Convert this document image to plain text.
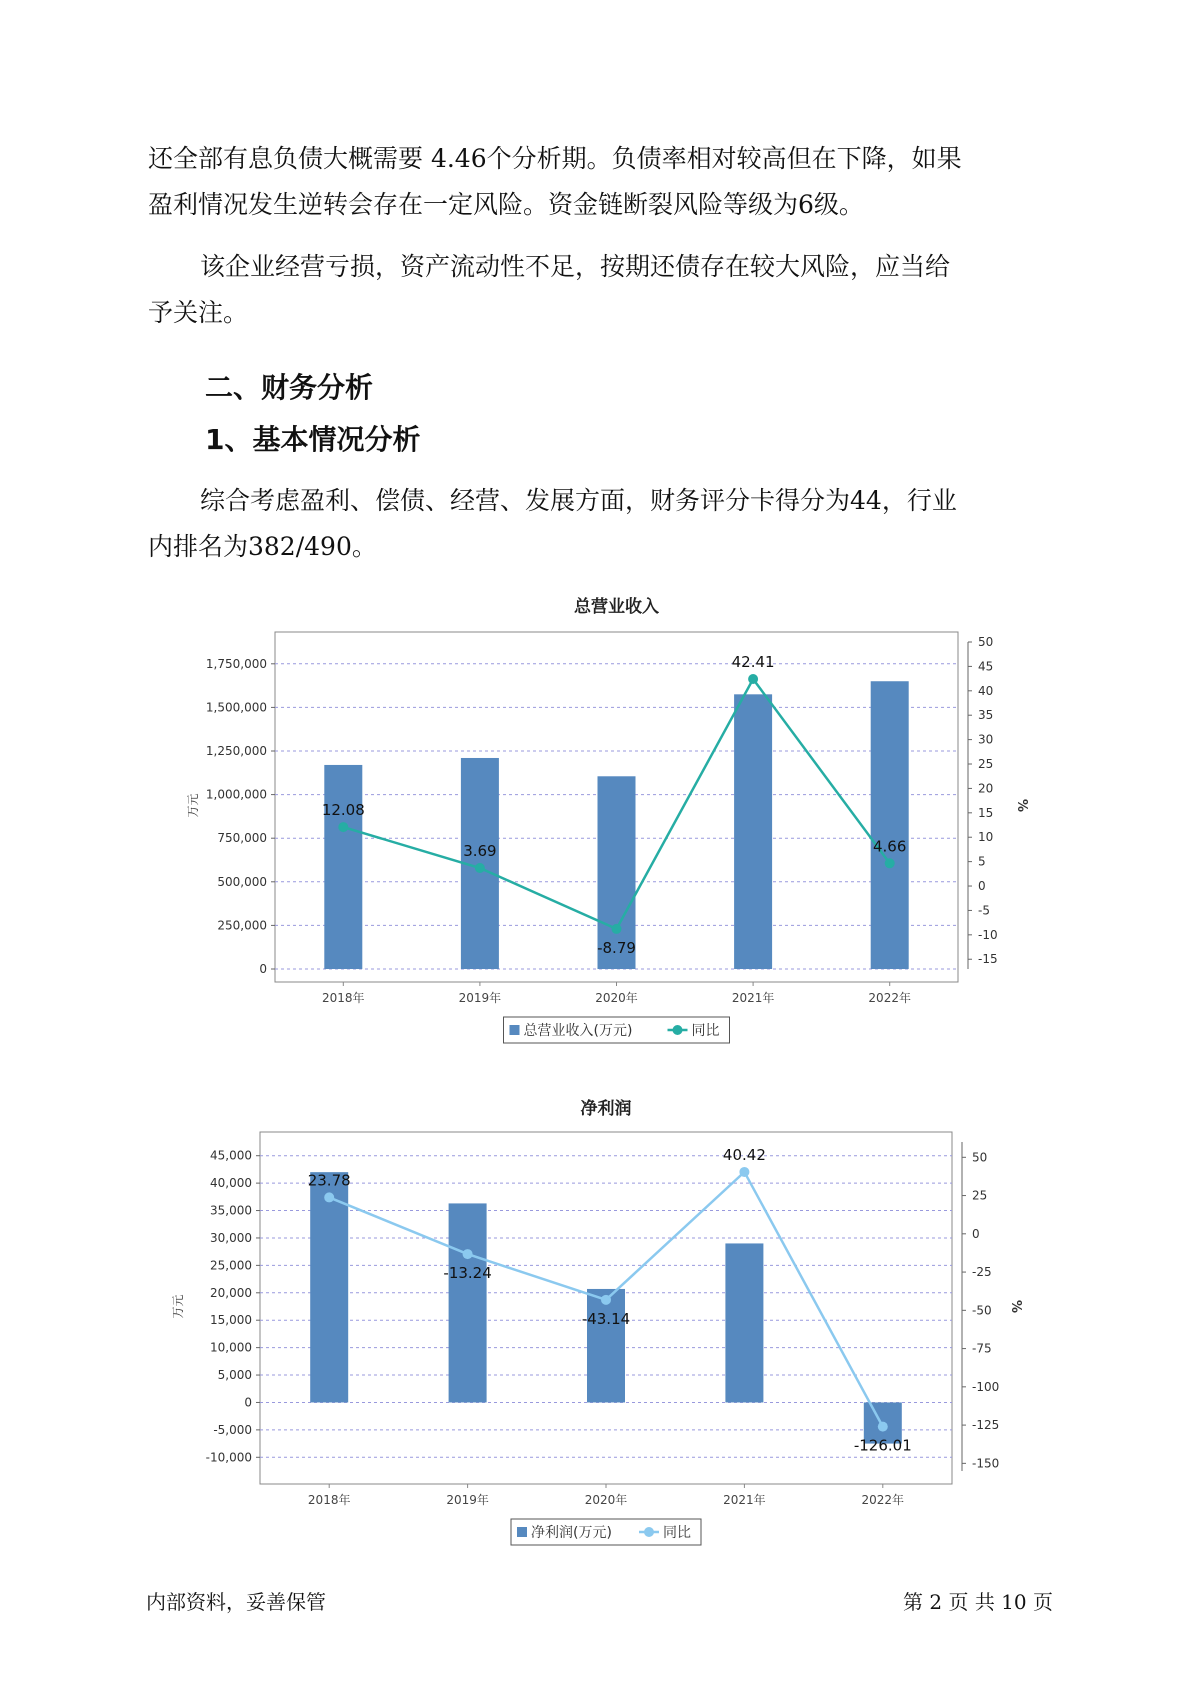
还全部有息负债大概需要 4.46个分析期。负债率相对较高但在下降，如果
盈利情况发生逆转会存在一定风险。资金链断裂风险等级为6级。

该企业经营亏损，资产流动性不足，按期还债存在较大风险，应当给
予关注。

二、财务分析
1、基本情况分析

综合考虑盈利、偿债、经营、发展方面，财务评分卡得分为44，行业
内排名为382/490。

总营业收入
0
250,000
500,000
750,000
1,000,000
1,250,000
1,500,000
1,750,000
-15
-10
-5
0
5
10
15
20
25
30
35
40
45
50
万元	%
12.08
3.69
-8.79
42.41
4.66
2018年	2019年	2020年	2021年	2022年
总营业收入(万元)	同比
净利润
-10,000
-5,000
0
5,000
10,000
15,000
20,000
25,000
30,000
35,000
40,000
45,000
-150
-125
-100
-75
-50
-25
0
25
50
万元	%
23.78
-13.24
-43.14
40.42
-126.01
2018年	2019年	2020年	2021年	2022年
净利润(万元)	同比
内部资料，妥善保管	第 2 页 共 10 页
